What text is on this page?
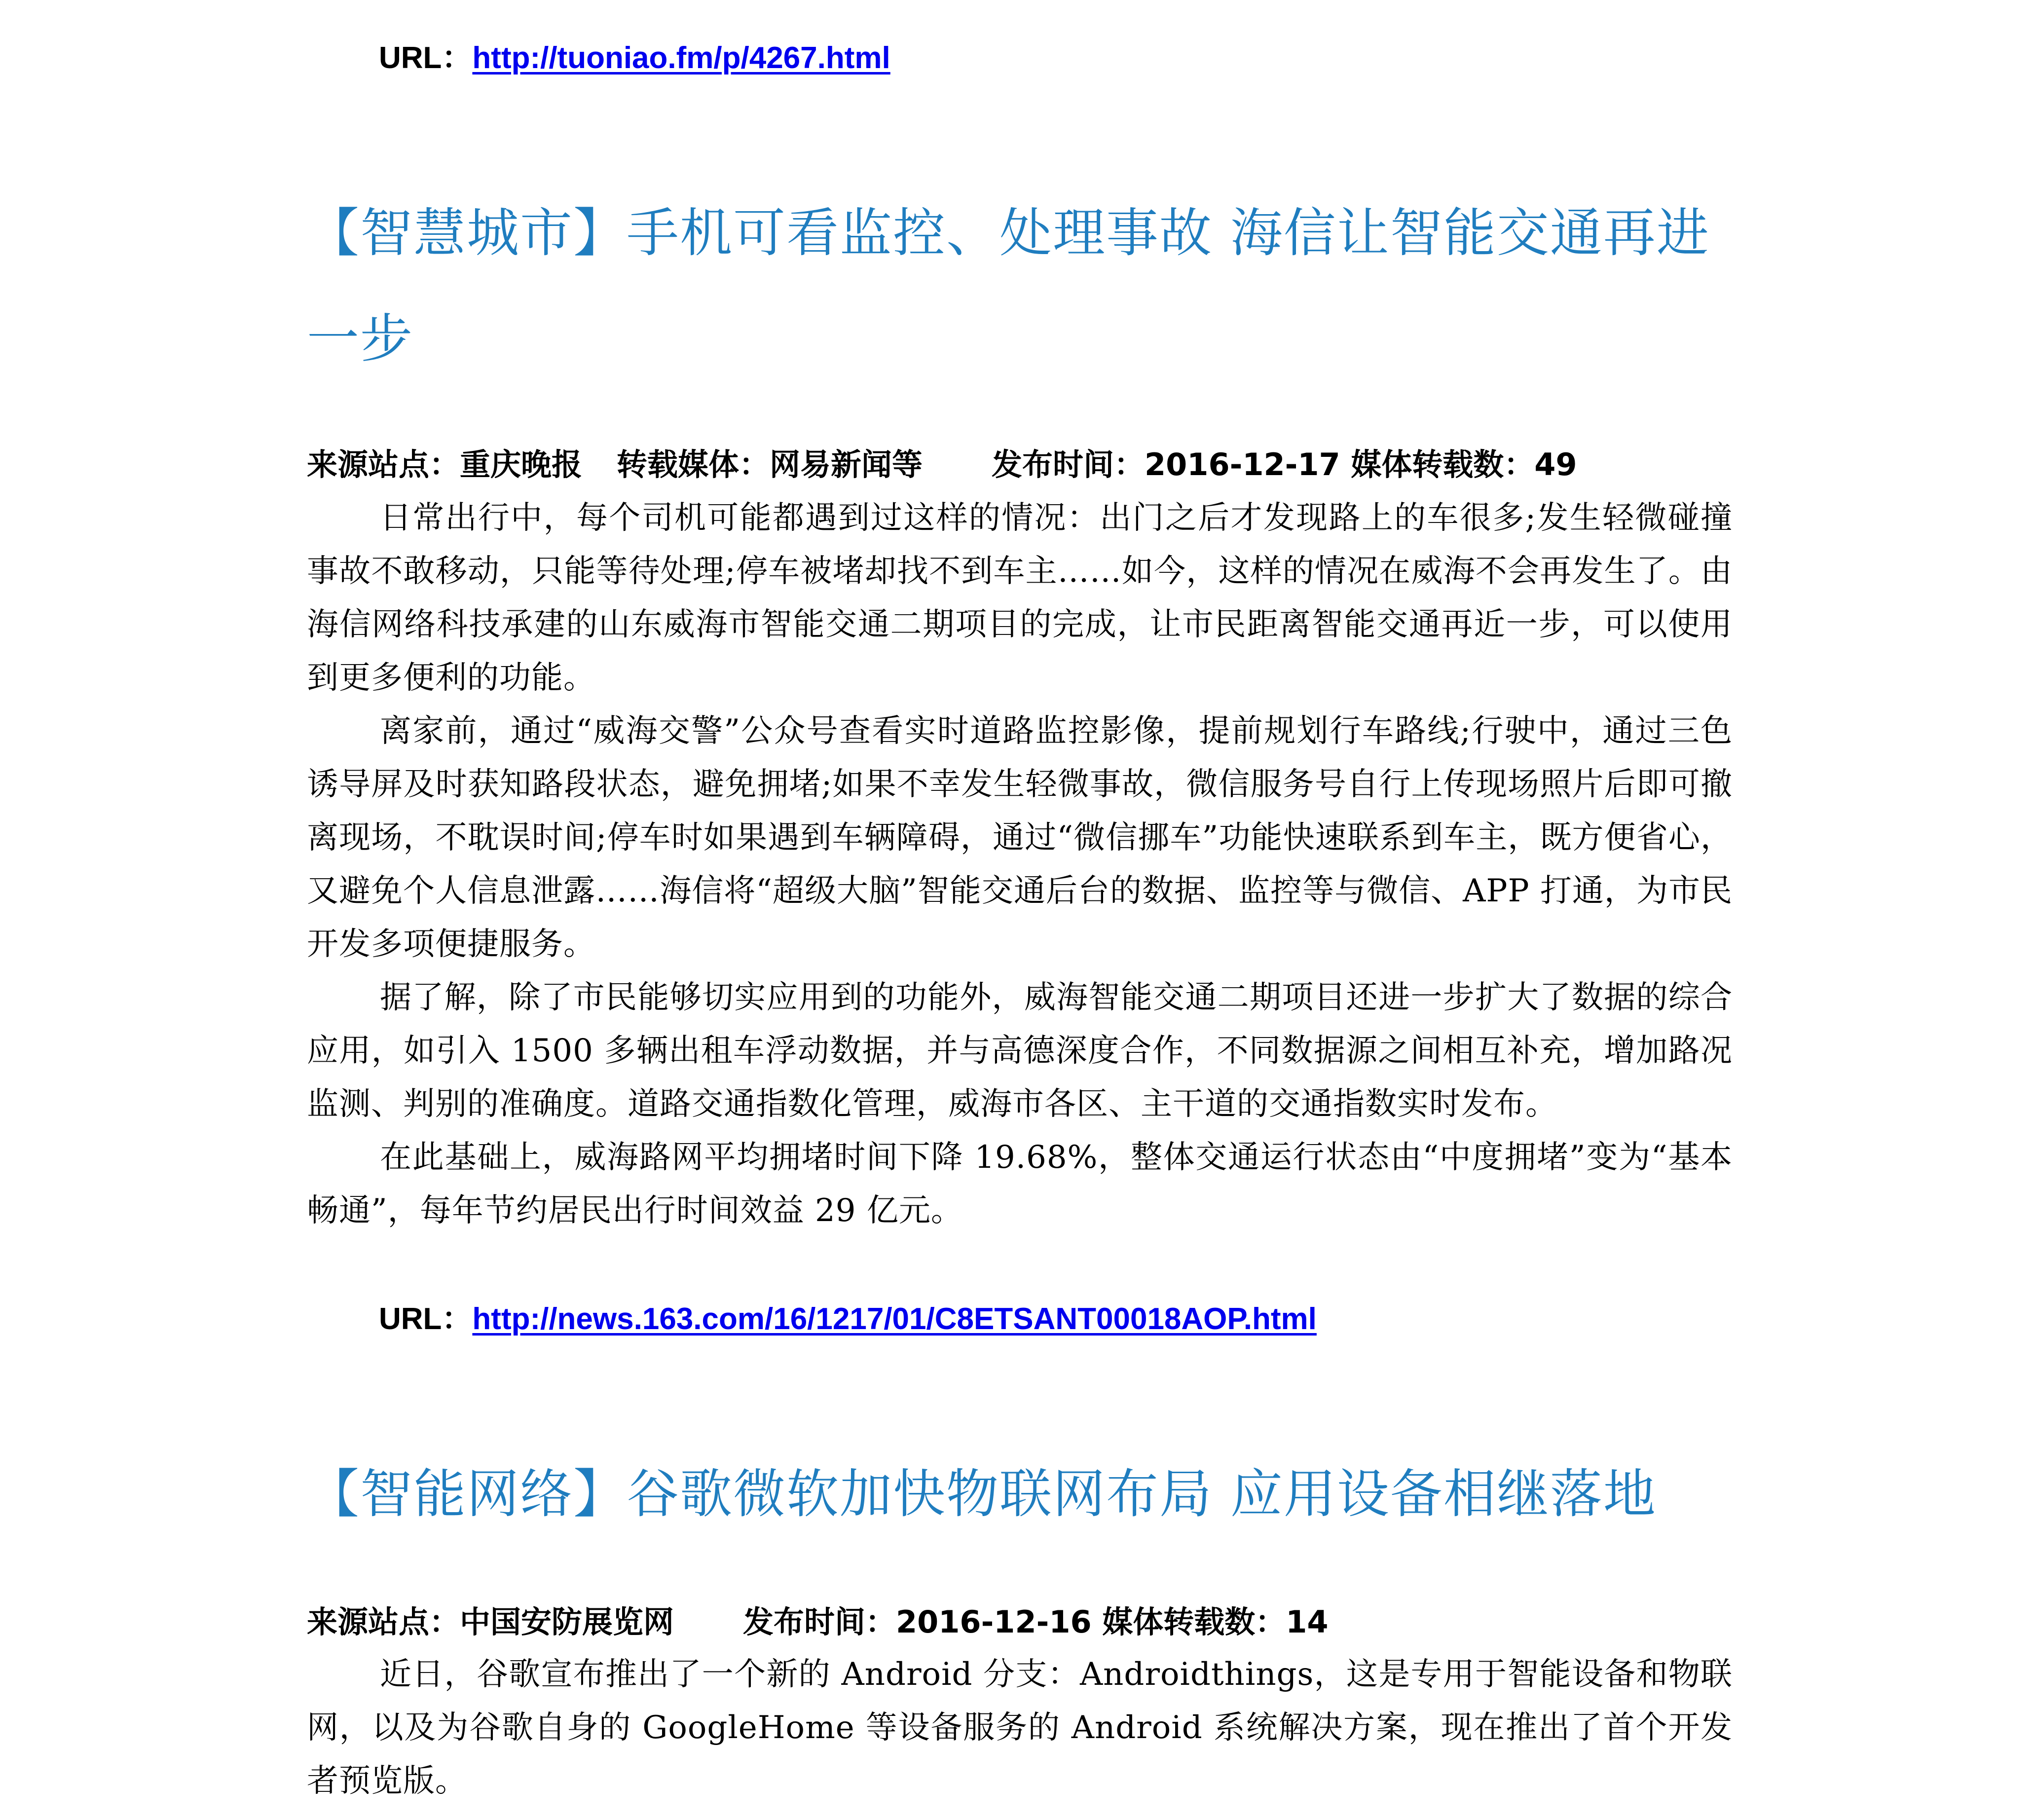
URL：http://tuoniao.fm/p/4267.html
【智慧城市】手机可看监控、处理事故 海信让智能交通再进一步
来源站点：重庆晚报 转载媒体：网易新闻等 发布时间：2016-12-17 媒体转载数：49

日常出行中，每个司机可能都遇到过这样的情况：出门之后才发现路上的车很多;发生轻微碰撞事故不敢移动，只能等待处理;停车被堵却找不到车主……如今，这样的情况在威海不会再发生了。由海信网络科技承建的山东威海市智能交通二期项目的完成，让市民距离智能交通再近一步，可以使用到更多便利的功能。

离家前，通过“威海交警”公众号查看实时道路监控影像，提前规划行车路线;行驶中，通过三色诱导屏及时获知路段状态，避免拥堵;如果不幸发生轻微事故，微信服务号自行上传现场照片后即可撤离现场，不耽误时间;停车时如果遇到车辆障碍，通过“微信挪车”功能快速联系到车主，既方便省心，又避免个人信息泄露……海信将“超级大脑”智能交通后台的数据、监控等与微信、APP 打通，为市民开发多项便捷服务。

据了解，除了市民能够切实应用到的功能外，威海智能交通二期项目还进一步扩大了数据的综合应用，如引入 1500 多辆出租车浮动数据，并与高德深度合作，不同数据源之间相互补充，增加路况监测、判别的准确度。道路交通指数化管理，威海市各区、主干道的交通指数实时发布。

在此基础上，威海路网平均拥堵时间下降 19.68%，整体交通运行状态由“中度拥堵”变为“基本畅通”，每年节约居民出行时间效益 29 亿元。

URL：http://news.163.com/16/1217/01/C8ETSANT00018AOP.html
【智能网络】谷歌微软加快物联网布局 应用设备相继落地
来源站点：中国安防展览网 发布时间：2016-12-16 媒体转载数：14

近日，谷歌宣布推出了一个新的 Android 分支：Androidthings，这是专用于智能设备和物联网，以及为谷歌自身的 GoogleHome 等设备服务的 Android 系统解决方案，现在推出了首个开发者预览版。
